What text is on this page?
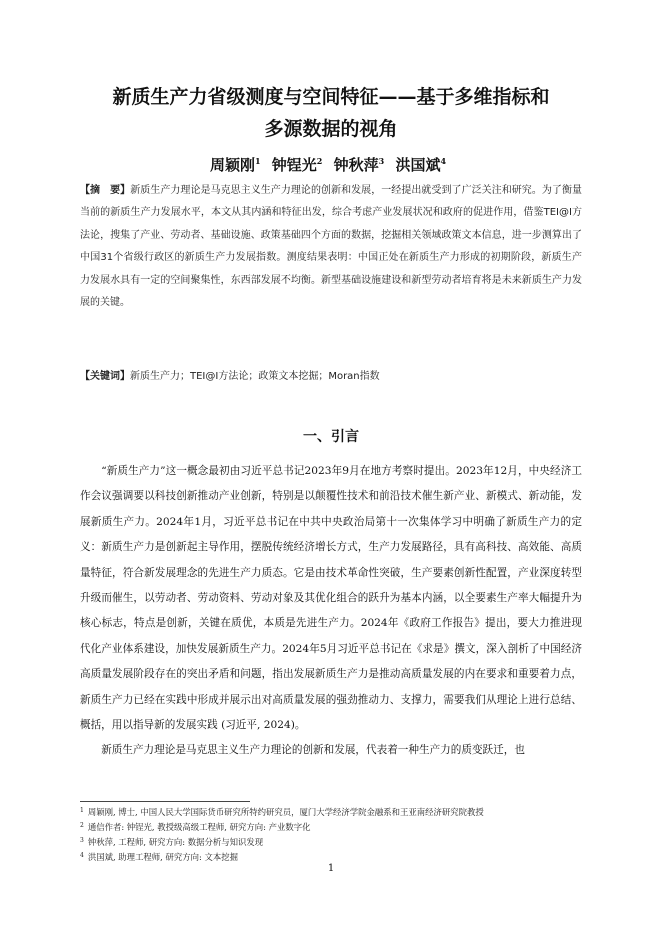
新质生产力省级测度与空间特征——基于多维指标和
多源数据的视角
周颖刚$^1$ 钟锃光$^2$ 钟秋萍$^3$ 洪国斌$^4$
【摘　要】新质生产力理论是马克思主义生产力理论的创新和发展，一经提出就受到了广泛关注和研究。为了衡量当前的新质生产力发展水平，本文从其内涵和特征出发，综合考虑产业发展状况和政府的促进作用，借鉴TEI@I方法论，搜集了产业、劳动者、基础设施、政策基础四个方面的数据，挖掘相关领域政策文本信息，进一步测算出了中国31个省级行政区的新质生产力发展指数。测度结果表明：中国正处在新质生产力形成的初期阶段，新质生产力发展水具有一定的空间聚集性，东西部发展不均衡。新型基础设施建设和新型劳动者培育将是未来新质生产力发展的关键。
【关键词】新质生产力；TEI@I方法论；政策文本挖掘；Moran指数
一、引言

“新质生产力”这一概念最初由习近平总书记2023年9月在地方考察时提出。2023年12月，中央经济工作会议强调要以科技创新推动产业创新，特别是以颠覆性技术和前沿技术催生新产业、新模式、新动能，发展新质生产力。2024年1月，习近平总书记在中共中央政治局第十一次集体学习中明确了新质生产力的定义：新质生产力是创新起主导作用，摆脱传统经济增长方式，生产力发展路径，具有高科技、高效能、高质量特征，符合新发展理念的先进生产力质态。它是由技术革命性突破，生产要素创新性配置，产业深度转型升级而催生，以劳动者、劳动资料、劳动对象及其优化组合的跃升为基本内涵，以全要素生产率大幅提升为核心标志，特点是创新，关键在质优，本质是先进生产力。2024年《政府工作报告》提出，要大力推进现代化产业体系建设，加快发展新质生产力。2024年5月习近平总书记在《求是》撰文，深入剖析了中国经济高质量发展阶段存在的突出矛盾和问题，指出发展新质生产力是推动高质量发展的内在要求和重要着力点，新质生产力已经在实践中形成并展示出对高质量发展的强劲推动力、支撑力，需要我们从理论上进行总结、概括，用以指导新的发展实践 (习近平, 2024)。

新质生产力理论是马克思主义生产力理论的创新和发展，代表着一种生产力的质变跃迁，也

$^1$ 周颖刚, 博士, 中国人民大学国际货币研究所特约研究员，厦门大学经济学院金融系和王亚南经济研究院教授
$^2$ 通信作者: 钟锃光, 教授级高级工程师, 研究方向: 产业数字化
$^3$ 钟秋萍, 工程师, 研究方向: 数据分析与知识发现
$^4$ 洪国斌, 助理工程师, 研究方向: 文本挖掘
1
